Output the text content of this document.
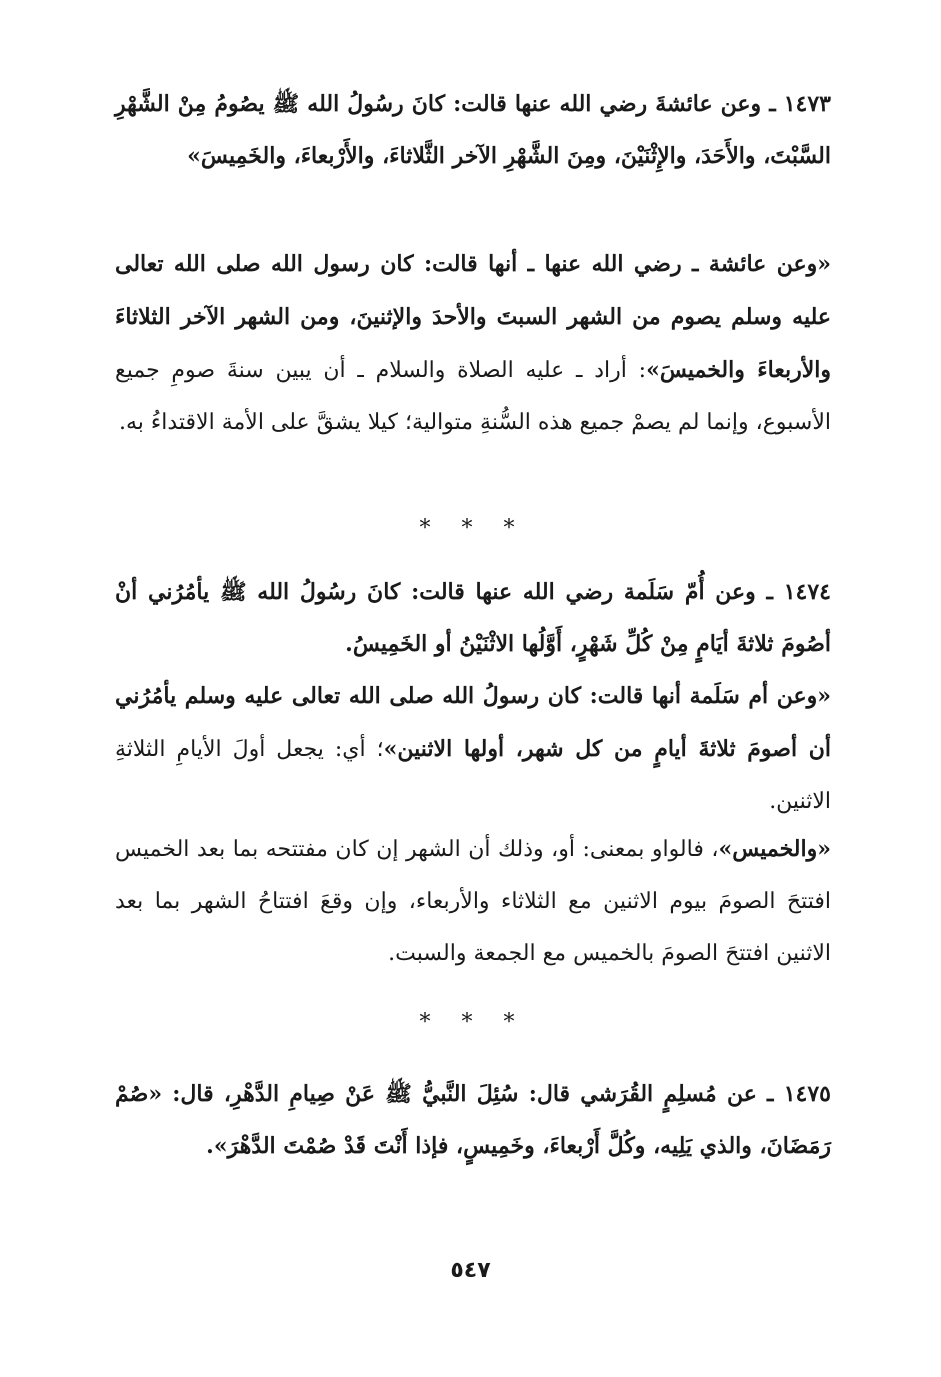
١٤٧٣ ـ وعن عائشةَ رضي الله عنها قالت: كانَ رسُولُ الله ﷺ يصُومُ مِنْ الشَّهْرِ السَّبْتَ، والأَحَدَ، والإِثْنَيْنَ، ومِنَ الشَّهْرِ الآخر الثَّلاثاءَ، والأَرْبعاءَ، والخَمِيسَ»

«وعن عائشة ـ رضي الله عنها ـ أنها قالت: كان رسول الله صلى الله تعالى عليه وسلم يصوم من الشهر السبتَ والأحدَ والإثنينَ، ومن الشهر الآخر الثلاثاءَ والأربعاءَ والخميسَ»: أراد ـ عليه الصلاة والسلام ـ أن يبين سنةَ صومِ جميع الأسبوع، وإنما لم يصمْ جميع هذه السُّنةِ متوالية؛ كيلا يشقَّ على الأمة الاقتداءُ به.

* * *

١٤٧٤ ـ وعن أُمّ سَلَمة رضي الله عنها قالت: كانَ رسُولُ الله ﷺ يأمُرُني أنْ أصُومَ ثلاثةَ أيَامٍ مِنْ كُلِّ شَهْرٍ، أَوَّلُها الاثْنَيْنُ أو الخَمِيسُ.

«وعن أم سَلَمة أنها قالت: كان رسولُ الله صلى الله تعالى عليه وسلم يأمُرُني أن أصومَ ثلاثةَ أيامٍ من كل شهر، أولها الاثنين»؛ أي: يجعل أولَ الأيامِ الثلاثةِ الاثنين.

«والخميس»، فالواو بمعنى: أو، وذلك أن الشهر إن كان مفتتحه بما بعد الخميس افتتحَ الصومَ بيوم الاثنين مع الثلاثاء والأربعاء، وإن وقعَ افتتاحُ الشهر بما بعد الاثنين افتتحَ الصومَ بالخميس مع الجمعة والسبت.

* * *

١٤٧٥ ـ عن مُسلِمٍ القُرَشي قال: سُئِلَ النَّبيُّ ﷺ عَنْ صِيامِ الدَّهْرِ، قال: «صُمْ رَمَضَانَ، والذي يَلِيه، وكُلَّ أَرْبعاءَ، وخَمِيسٍ، فإذا أَنْتَ قَدْ صُمْتَ الدَّهْرَ».

٥٤٧
